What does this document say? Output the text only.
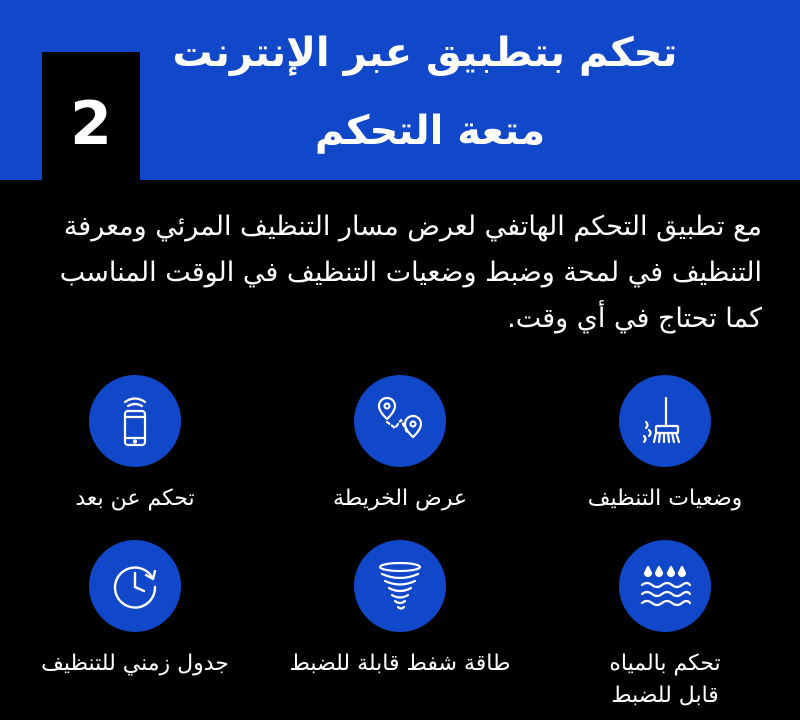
2
تحكم بتطبيق عبر الإنترنت
متعة التحكم
مع تطبيق التحكم الهاتفي لعرض مسار التنظيف المرئي ومعرفة التنظيف في لمحة وضبط وضعيات التنظيف في الوقت المناسب كما تحتاج في أي وقت.
وضعيات التنظيف
عرض الخريطة
تحكم عن بعد
تحكم بالمياه قابل للضبط
طاقة شفط قابلة للضبط
جدول زمني للتنظيف
